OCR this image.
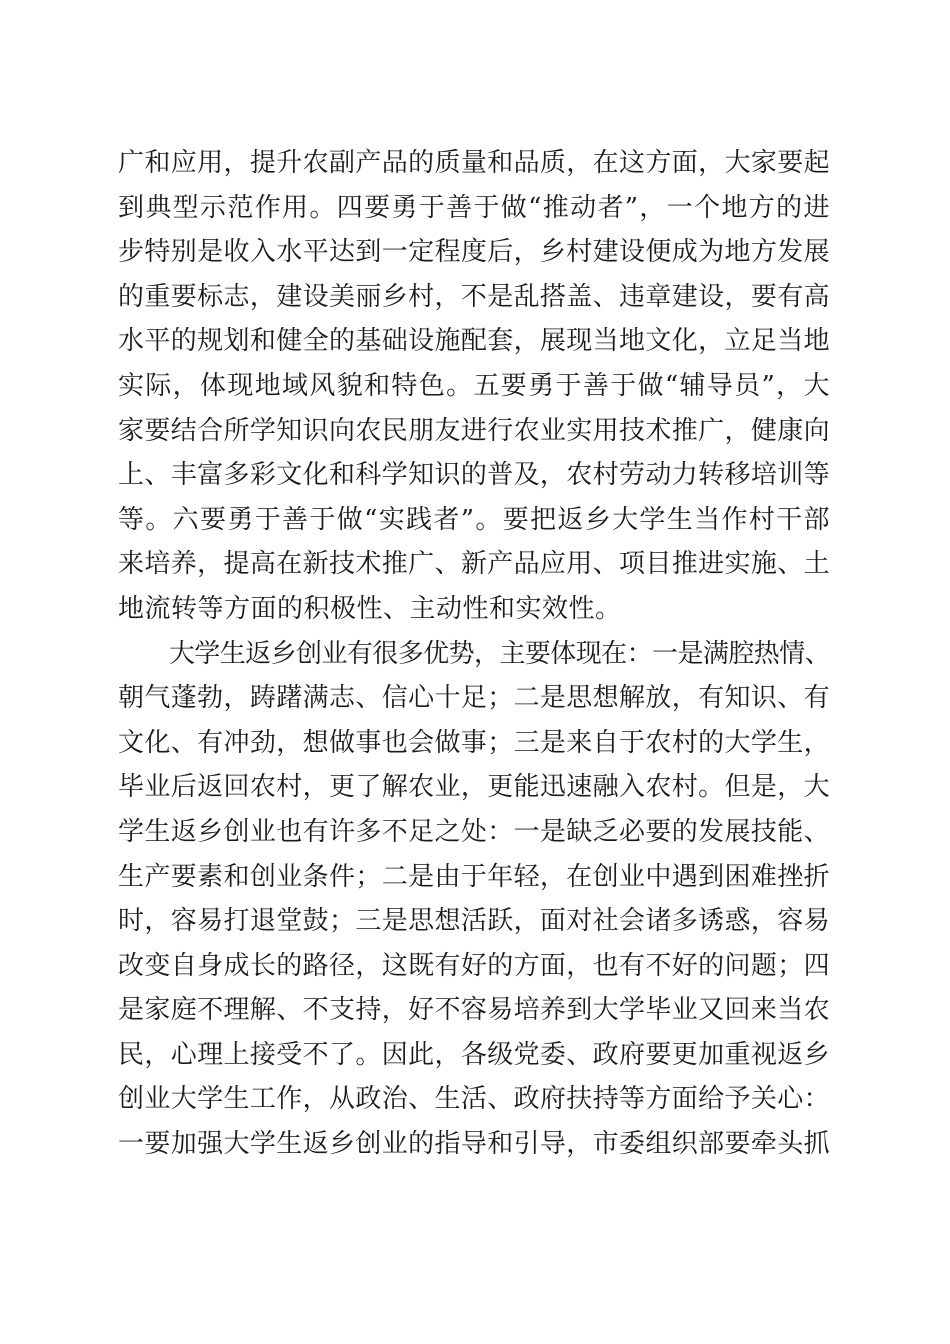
广和应用，提升农副产品的质量和品质，在这方面，大家要起
到典型示范作用。四要勇于善于做“推动者”，一个地方的进
步特别是收入水平达到一定程度后，乡村建设便成为地方发展
的重要标志，建设美丽乡村，不是乱搭盖、违章建设，要有高
水平的规划和健全的基础设施配套，展现当地文化，立足当地
实际，体现地域风貌和特色。五要勇于善于做“辅导员”，大
家要结合所学知识向农民朋友进行农业实用技术推广，健康向
上、丰富多彩文化和科学知识的普及，农村劳动力转移培训等
等。六要勇于善于做“实践者”。要把返乡大学生当作村干部
来培养，提高在新技术推广、新产品应用、项目推进实施、土
地流转等方面的积极性、主动性和实效性。
　　大学生返乡创业有很多优势，主要体现在：一是满腔热情、
朝气蓬勃，踌躇满志、信心十足；二是思想解放，有知识、有
文化、有冲劲，想做事也会做事；三是来自于农村的大学生，
毕业后返回农村，更了解农业，更能迅速融入农村。但是，大
学生返乡创业也有许多不足之处：一是缺乏必要的发展技能、
生产要素和创业条件；二是由于年轻，在创业中遇到困难挫折
时，容易打退堂鼓；三是思想活跃，面对社会诸多诱惑，容易
改变自身成长的路径，这既有好的方面，也有不好的问题；四
是家庭不理解、不支持，好不容易培养到大学毕业又回来当农
民，心理上接受不了。因此，各级党委、政府要更加重视返乡
创业大学生工作，从政治、生活、政府扶持等方面给予关心：
一要加强大学生返乡创业的指导和引导，市委组织部要牵头抓
